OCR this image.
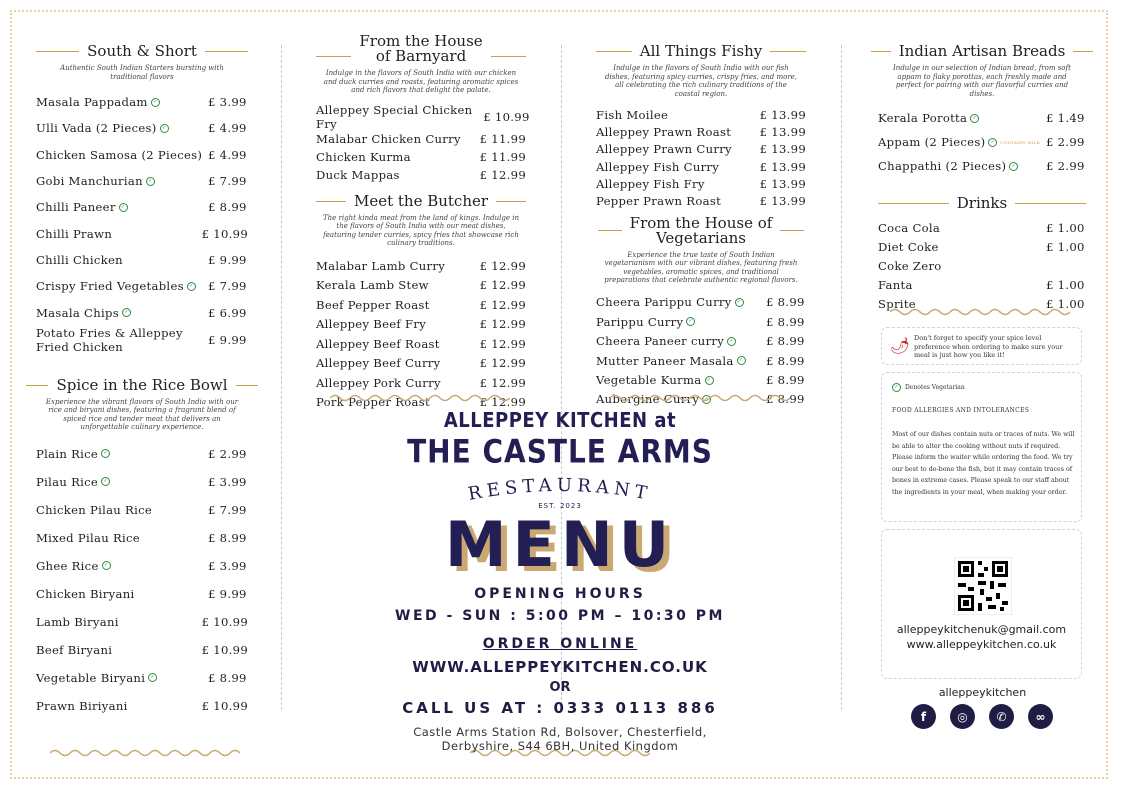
South & Short
Authentic South Indian Starters bursting with traditional flavors
Masala Pappadam	✓	£ 3.99
Ulli Vada (2 Pieces)	✓	£ 4.99
Chicken Samosa (2 Pieces) £ 4.99
Gobi Manchurian	✓	£ 7.99
Chilli Paneer	✓	£ 8.99
Chilli Prawn	£ 10.99
Chilli Chicken	£ 9.99
Crispy Fried Vegetables	✓ £ 7.99
Masala Chips	✓	£ 6.99
Potato Fries & Alleppey Fried Chicken	£ 9.99
Spice in the Rice Bowl
Experience the vibrant flavors of South India with our rice and biryani dishes, featuring a fragrant blend of spiced rice and tender meat that delivers an unforgettable culinary experience.
Plain Rice	✓	£ 2.99
Pilau Rice	✓	£ 3.99
Chicken Pilau Rice	£ 7.99
Mixed Pilau Rice	£ 8.99
Ghee Rice	✓	£ 3.99
Chicken Biryani	£ 9.99
Lamb Biryani	£ 10.99
Beef Biryani	£ 10.99
Vegetable Biryani	✓	£ 8.99
Prawn Biriyani	£ 10.99
From the House
of Barnyard
Indulge in the flavors of South India with our chicken and duck curries and roasts, featuring aromatic spices and rich flavors that delight the palate.
Alleppey Special Chicken Fry	£ 10.99
Malabar Chicken Curry £ 11.99
Chicken Kurma	£ 11.99
Duck Mappas	£ 12.99
Meet the Butcher
The right kinda meat from the land of kings. Indulge in the flavors of South India with our meat dishes, featuring tender curries, spicy fries that showcase rich culinary traditions.
Malabar Lamb Curry	£ 12.99
Kerala Lamb Stew	£ 12.99
Beef Pepper Roast	£ 12.99
Alleppey Beef Fry	£ 12.99
Alleppey Beef Roast	£ 12.99
Alleppey Beef Curry	£ 12.99
Alleppey Pork Curry	£ 12.99
Pork Pepper Roast	£ 12.99
All Things Fishy
Indulge in the flavors of South India with our fish dishes, featuring spicy curries, crispy fries, and more, all celebrating the rich culinary traditions of the coastal region.
Fish Moilee	£ 13.99
Alleppey Prawn Roast £ 13.99
Alleppey Prawn Curry £ 13.99
Alleppey Fish Curry	£ 13.99
Alleppey Fish Fry	£ 13.99
Pepper Prawn Roast	£ 13.99
From the House of
Vegetarians
Experience the true taste of South Indian vegetarianism with our vibrant dishes, featuring fresh vegetables, aromatic spices, and traditional preparations that celebrate authentic regional flavors.
Cheera Parippu Curry	✓ £ 8.99
Parippu Curry	✓	£ 8.99
Cheera Paneer curry	✓	£ 8.99
Mutter Paneer Masala	✓ £ 8.99
Vegetable Kurma	✓	£ 8.99
Aubergine Curry	✓	£ 8.99
Indian Artisan Breads
Indulge in our selection of Indian bread, from soft appam to flaky porottas, each freshly made and perfect for pairing with our flavorful curries and dishes.
Kerala Porotta	✓	£ 1.49
Appam (2 Pieces)	✓	CONTAINS MILK £ 2.99
Chappathi (2 Pieces)	✓	£ 2.99
Drinks
Coca Cola	£ 1.00
Diet Coke	£ 1.00
Coke Zero
Fanta	£ 1.00
Sprite	£ 1.00
ALLEPPEY KITCHEN at
THE CASTLE ARMS
RESTAURANT
EST. 2023
MENU
OPENING HOURS
WED - SUN : 5:00 PM – 10:30 PM
ORDER ONLINE
WWW.ALLEPPEYKITCHEN.CO.UK
OR
CALL US AT : 0333 0113 886
Castle Arms Station Rd, Bolsover, Chesterfield,
Derbyshire, S44 6BH, United Kingdom
🌶 Don't forget to specify your spice level preference when ordering to make sure your meal is just how you like it!
✓	Denotes Vegetarian
FOOD ALLERGIES AND INTOLERANCES
Most of our dishes contain nuts or traces of nuts. We will be able to alter the cooking without nuts if required. Please inform the waiter while ordering the food. We try our best to de-bone the fish, but it may contain traces of bones in extreme cases. Please speak to our staff about the ingredients in your meal, when making your order.
alleppeykitchenuk@gmail.com
www.alleppeykitchen.co.uk
alleppeykitchen
f	◎	✆	∞
